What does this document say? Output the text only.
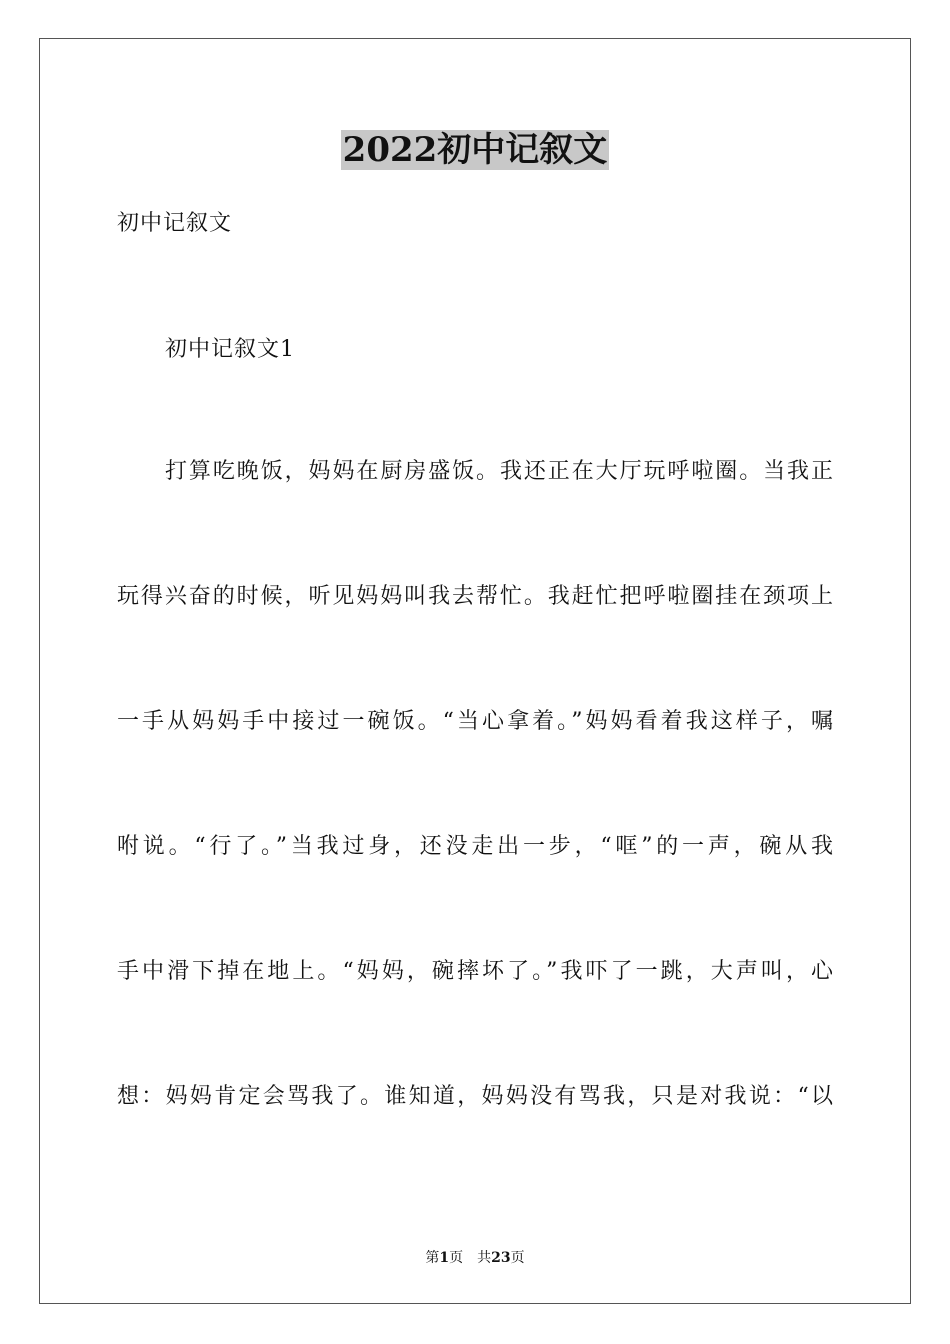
2022初中记叙文
初中记叙文
初中记叙文1
打算吃晚饭，妈妈在厨房盛饭。我还正在大厅玩呼啦圈。当我正
玩得兴奋的时候，听见妈妈叫我去帮忙。我赶忙把呼啦圈挂在颈项上
一手从妈妈手中接过一碗饭。“当心拿着。”妈妈看着我这样子，嘱
咐说。“行了。”当我过身，还没走出一步，“哐”的一声，碗从我
手中滑下掉在地上。“妈妈，碗摔坏了。”我吓了一跳，大声叫，心
想：妈妈肯定会骂我了。谁知道，妈妈没有骂我，只是对我说：“以
第1页 共23页
